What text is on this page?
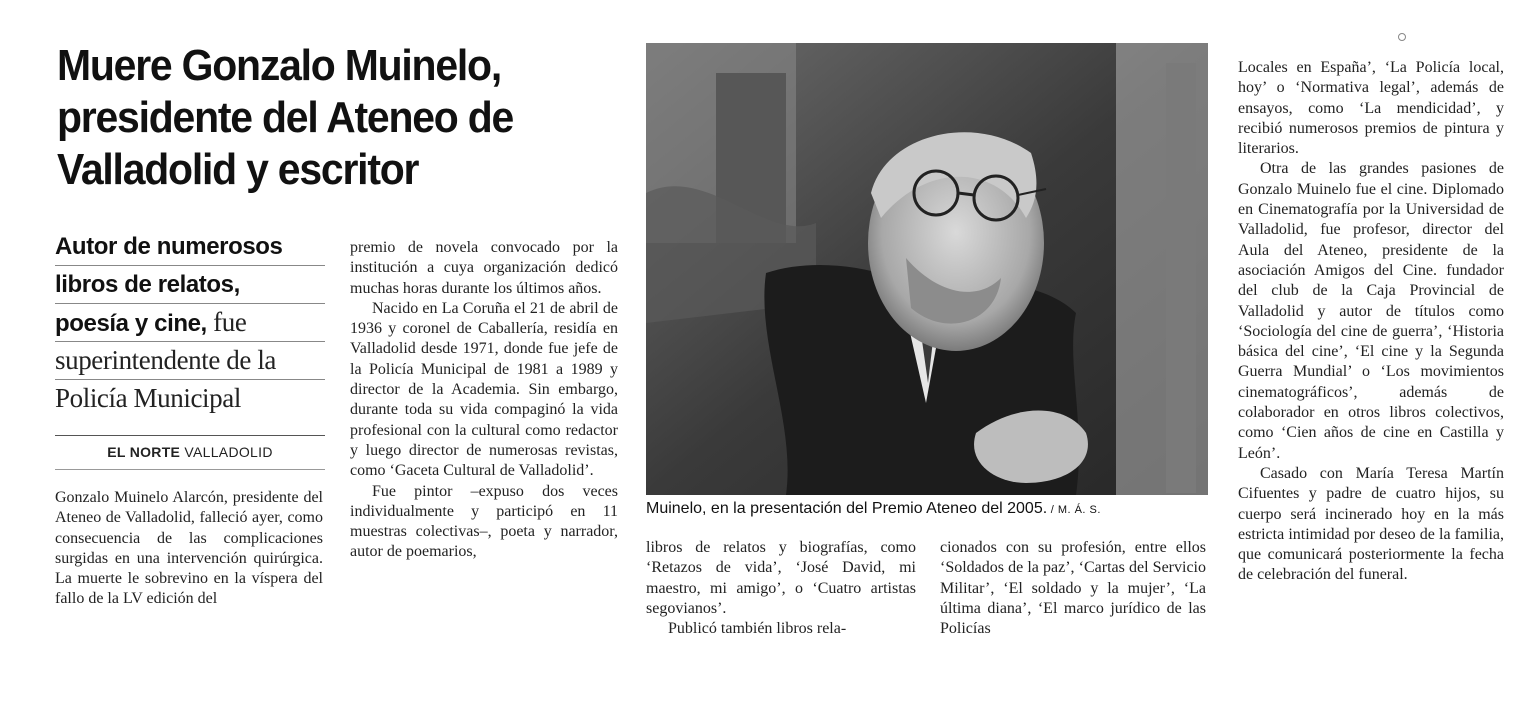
Muere Gonzalo Muinelo, presidente del Ateneo de Valladolid y escritor
Autor de numerosos
libros de relatos,
poesía y cine, fue
superintendente de la
Policía Municipal
EL NORTE VALLADOLID

Gonzalo Muinelo Alarcón, presidente del Ateneo de Valladolid, falleció ayer, como consecuencia de las complicaciones surgidas en una intervención quirúrgica. La muerte le sobrevino en la víspera del fallo de la LV edición del

premio de novela convocado por la institución a cuya organización dedicó muchas horas durante los últimos años.

Nacido en La Coruña el 21 de abril de 1936 y coronel de Caballería, residía en Valladolid desde 1971, donde fue jefe de la Policía Municipal de 1981 a 1989 y director de la Academia. Sin embargo, durante toda su vida compaginó la vida profesional con la cultural como redactor y luego director de numerosas revistas, como ‘Gaceta Cultural de Valladolid’.

Fue pintor –expuso dos veces individualmente y participó en 11 muestras colectivas–, poeta y narrador, autor de poemarios,

Muinelo, en la presentación del Premio Ateneo del 2005. / M. Á. S.

libros de relatos y biografías, como ‘Retazos de vida’, ‘José David, mi maestro, mi amigo’, o ‘Cuatro artistas segovianos’.

Publicó también libros rela-

cionados con su profesión, entre ellos ‘Soldados de la paz’, ‘Cartas del Servicio Militar’, ‘El soldado y la mujer’, ‘La última diana’, ‘El marco jurídico de las Policías

Locales en España’, ‘La Policía local, hoy’ o ‘Normativa legal’, además de ensayos, como ‘La mendicidad’, y recibió numerosos premios de pintura y literarios.

Otra de las grandes pasiones de Gonzalo Muinelo fue el cine. Diplomado en Cinematografía por la Universidad de Valladolid, fue profesor, director del Aula del Ateneo, presidente de la asociación Amigos del Cine. fundador del club de la Caja Provincial de Valladolid y autor de títulos como ‘Sociología del cine de guerra’, ‘Historia básica del cine’, ‘El cine y la Segunda Guerra Mundial’ o ‘Los movimientos cinematográficos’, además de colaborador en otros libros colectivos, como ‘Cien años de cine en Castilla y León’.

Casado con María Teresa Martín Cifuentes y padre de cuatro hijos, su cuerpo será incinerado hoy en la más estricta intimidad por deseo de la familia, que comunicará posteriormente la fecha de celebración del funeral.
